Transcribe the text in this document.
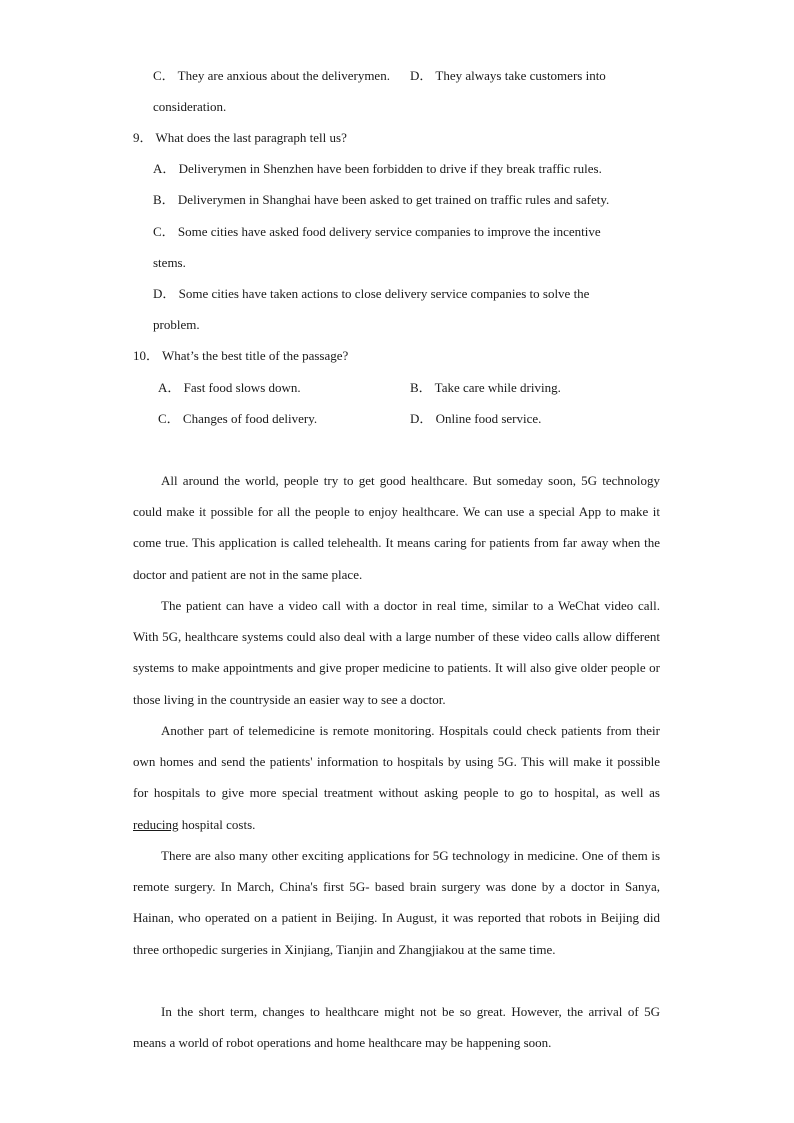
C． They are anxious about the deliverymen. D． They always take customers into
consideration.
9． What does the last paragraph tell us?
A． Deliverymen in Shenzhen have been forbidden to drive if they break traffic rules.
B． Deliverymen in Shanghai have been asked to get trained on traffic rules and safety.
C． Some cities have asked food delivery service companies to improve the incentive
stems.
D． Some cities have taken actions to close delivery service companies to solve the
problem.
10． What’s the best title of the passage?
A． Fast food slows down.	B． Take care while driving.
C． Changes of food delivery.	D． Online food service.
All around the world, people try to get good healthcare. But someday soon, 5G technology could make it possible for all the people to enjoy healthcare. We can use a special App to make it come true. This application is called telehealth. It means caring for patients from far away when the doctor and patient are not in the same place.
The patient can have a video call with a doctor in real time, similar to a WeChat video call. With 5G, healthcare systems could also deal with a large number of these video calls allow different systems to make appointments and give proper medicine to patients. It will also give older people or those living in the countryside an easier way to see a doctor.
Another part of telemedicine is remote monitoring. Hospitals could check patients from their own homes and send the patients' information to hospitals by using 5G. This will make it possible for hospitals to give more special treatment without asking people to go to hospital, as well as reducing hospital costs.
There are also many other exciting applications for 5G technology in medicine. One of them is remote surgery. In March, China's first 5G- based brain surgery was done by a doctor in Sanya, Hainan, who operated on a patient in Beijing. In August, it was reported that robots in Beijing did three orthopedic surgeries in Xinjiang, Tianjin and Zhangjiakou at the same time.
In the short term, changes to healthcare might not be so great. However, the arrival of 5G means a world of robot operations and home healthcare may be happening soon.
